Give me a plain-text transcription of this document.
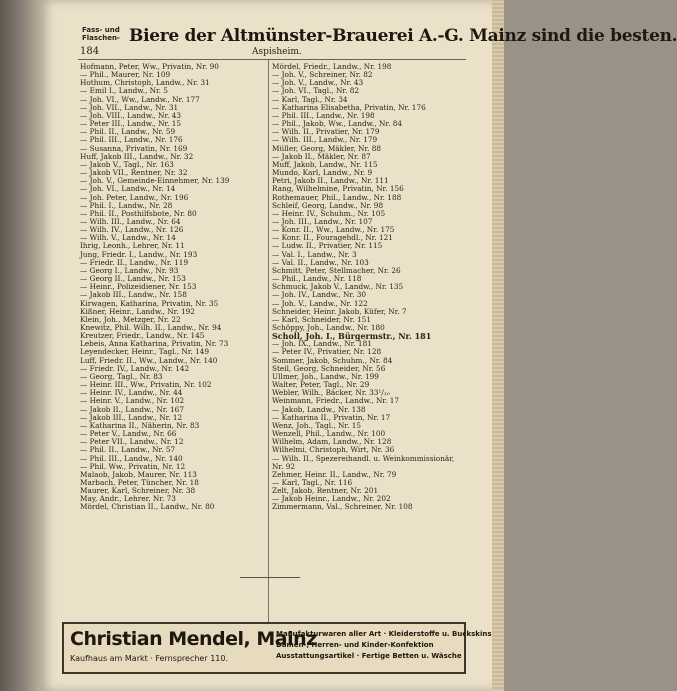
Fass- und
Flaschen- Biere der Altmünster-Brauerei A.-G. Mainz sind die besten.
184	Aspisheim.
Hofmann, Peter, Ww., Privatin, Nr. 90
— Phil., Maurer, Nr. 109
Hothum, Christoph, Landw., Nr. 31
— Emil I., Landw., Nr. 5
— Joh. VI., Ww., Landw., Nr. 177
— Joh. VII., Landw., Nr. 31
— Joh. VIII., Landw., Nr. 43
— Peter III., Landw., Nr. 15
— Phil. II., Landw., Nr. 59
— Phil. III., Landw., Nr. 176
— Susanna, Privatin, Nr. 169
Huff, Jakob III., Landw., Nr. 32
— Jakob V., Tagl., Nr. 163
— Jakob VII., Rentner, Nr. 32
— Joh. V., Gemeinde-Einnehmer, Nr. 139
— Joh. VI., Landw., Nr. 14
— Joh. Peter, Landw., Nr. 196
— Phil. I., Landw., Nr. 28
— Phil. II., Posthilfsbote, Nr. 80
— Wilh. III., Landw., Nr. 64
— Wilh. IV., Landw., Nr. 126
— Wilh. V., Landw., Nr. 14
Ihrig, Leonh., Lehrer, Nr. 11
Jung, Friedr. I., Landw., Nr. 193
— Friedr. II., Landw., Nr. 119
— Georg I., Landw., Nr. 93
— Georg II., Landw., Nr. 153
— Heinr., Polizeidiener, Nr. 153
— Jakob III., Landw., Nr. 158
Kirwagen, Katharina, Privatin, Nr. 35
Kißner, Heinr., Landw., Nr. 192
Klein, Joh., Metzger, Nr. 22
Knewitz, Phil. Wilh. II., Landw., Nr. 94
Kreutzer, Friedr., Landw., Nr. 145
Lebeis, Anna Katharina, Privatin, Nr. 73
Leyendecker, Heinr., Tagl., Nr. 149
Luff, Friedr. II., Ww., Landw., Nr. 140
— Friedr. IV., Landw., Nr. 142
— Georg, Tagl., Nr. 83
— Heinr. III., Ww., Privatin, Nr. 102
— Heinr. IV., Landw., Nr. 44
— Heinr. V., Landw., Nr. 102
— Jakob II., Landw., Nr. 167
— Jakob III., Landw., Nr. 12
— Katharina II., Näherin, Nr. 83
— Peter V., Landw., Nr. 66
— Peter VII., Landw., Nr. 12
— Phil. II., Landw., Nr. 57
— Phil. III., Landw., Nr. 140
— Phil. Ww., Privatin, Nr. 12
Malaob, Jakob, Maurer, Nr. 113
Marbach, Peter, Tüncher, Nr. 18
Maurer, Karl, Schreiner, Nr. 38
May, Andr., Lehrer, Nr. 73
Mördel, Christian II., Landw., Nr. 80
Mördel, Friedr., Landw., Nr. 198
— Joh. V., Schreiner, Nr. 82
— Joh. V., Landw., Nr. 43
— Joh. VI., Tagl., Nr. 82
— Karl, Tagl., Nr. 34
— Katharina Elisabetha, Privatin, Nr. 176
— Phil. III., Landw., Nr. 198
— Phil., Jakob, Ww., Landw., Nr. 84
— Wilh. II., Privatier, Nr. 179
— Wilh. III., Landw., Nr. 179
Müller, Georg, Mäkler, Nr. 88
— Jakob II., Mäkler, Nr. 87
Muff, Jakob, Landw., Nr. 115
Mundo, Karl, Landw., Nr. 9
Petri, Jakob II., Landw., Nr. 111
Rang, Wilhelmine, Privatin, Nr. 156
Rothemauer, Phil., Landw., Nr. 188
Schleif, Georg, Landw., Nr. 98
— Heinr. IV., Schuhm., Nr. 105
— Joh. III., Landw., Nr. 107
— Konr. II., Ww., Landw., Nr. 175
— Konr. II., Fouragehdl., Nr. 121
— Ludw. II., Privatier, Nr. 115
— Val. I., Landw., Nr. 3
— Val. II., Landw., Nr. 103
Schmitt, Peter, Stellmacher, Nr. 26
— Phil., Landw., Nr. 118
Schmuck, Jakob V., Landw., Nr. 135
— Joh. IV., Landw., Nr. 30
— Joh. V., Landw., Nr. 122
Schneider, Heinr. Jakob, Küfer, Nr. 7
— Karl, Schneider, Nr. 151
Schöppy, Joh., Landw., Nr. 180
Scholl, Joh. I., Bürgermstr., Nr. 181
— Joh. IX., Landw., Nr. 181
— Peter IV., Privatier, Nr. 128
Sommer, Jakob, Schuhm., Nr. 84
Steil, Georg, Schneider, Nr. 56
Ullmer, Joh., Landw., Nr. 199
Walter, Peter, Tagl., Nr. 29
Webler, Wilh., Bäcker, Nr. 33¹/₁₀
Weinmann, Friedr., Landw., Nr. 17
— Jakob, Landw., Nr. 138
— Katharina II., Privatin, Nr. 17
Wenz, Joh., Tagl., Nr. 15
Wenzell, Phil., Landw., Nr. 100
Wilhelm, Adam, Landw., Nr. 128
Wilhelmi, Christoph, Wirt, Nr. 36
— Wilh. II., Spezereihandl. u. Weinkommissionär,
Nr. 92
Zehmer, Heinr. II., Landw., Nr. 79
— Karl, Tagl., Nr. 116
Zelt, Jakob, Rentner, Nr. 201
— Jakob Heinr., Landw., Nr. 202
Zimmermann, Val., Schreiner, Nr. 108
Christian Mendel, Mainz
Kaufhaus am Markt · Fernsprecher 110.
Manufakturwaren aller Art · Kleiderstoffe u. Buckskins
Damen-, Herren- und Kinder-Konfektion
Ausstattungsartikel · Fertige Betten u. Wäsche
